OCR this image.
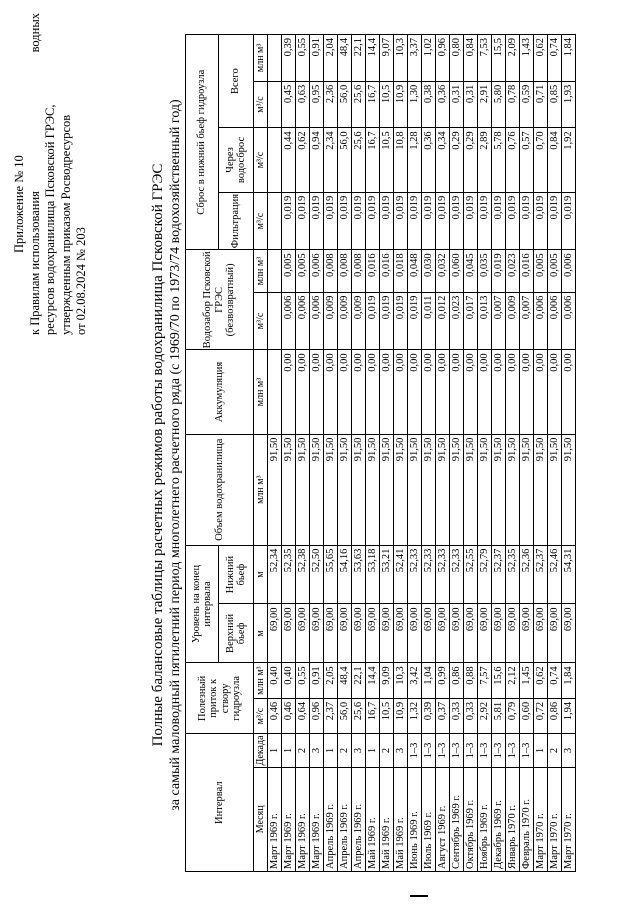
Приложение № 10 к Правилам использования
водных
ресурсов водохранилища Псковской ГРЭС, утвержденным приказом Росводресурсов от 02.08.2024 № 203	Полные балансовые таблицы расчетных режимов работы водохранилища Псковской ГРЭС за самый маловодный пятилетний период многолетнего расчетного ряда (с 1969/70 по 1973/74 водохозяйственный год)	Интервал		Полезный приток к створу гидроузла		Уровень на конец интервала		Объем водохранилища	Аккумуляция	Водозабор Псковской ГРЭС (безвозвратный)		Сброс в нижний бьеф гидроузла			
										Фильтрация	Через водосброс	Всего	
				Верхний бьеф	Нижний бьеф								
Месяц	Декада	м³/с	млн м³	м	м	млн м³	млн м³	м³/с	млн м³	м³/с	м³/с	м³/с	млн м³
Март 1969 г.	1	0,46	0,40	69,00	52,34	91,50							
Март 1969 г.	1	0,46	0,40	69,00	52,35	91,50	0,00	0,006	0,005	0,019	0,44	0,45	0,39
Март 1969 г.	2	0,64	0,55	69,00	52,38	91,50	0,00	0,006	0,005	0,019	0,62	0,63	0,55
Март 1969 г.	3	0,96	0,91	69,00	52,50	91,50	0,00	0,006	0,006	0,019	0,94	0,95	0,91
Апрель 1969 г.	1	2,37	2,05	69,00	55,65	91,50	0,00	0,009	0,008	0,019	2,34	2,36	2,04
Апрель 1969 г.	2	56,0	48,4	69,00	54,16	91,50	0,00	0,009	0,008	0,019	56,0	56,0	48,4
Апрель 1969 г.	3	25,6	22,1	69,00	53,63	91,50	0,00	0,009	0,008	0,019	25,6	25,6	22,1
Май 1969 г.	1	16,7	14,4	69,00	53,18	91,50	0,00	0,019	0,016	0,019	16,7	16,7	14,4
Май 1969 г.	2	10,5	9,09	69,00	53,21	91,50	0,00	0,019	0,016	0,019	10,5	10,5	9,07
Май 1969 г.	3	10,9	10,3	69,00	52,41	91,50	0,00	0,019	0,018	0,019	10,8	10,9	10,3
Июнь 1969 г.	1–3	1,32	3,42	69,00	52,33	91,50	0,00	0,019	0,048	0,019	1,28	1,30	3,37
Июль 1969 г.	1–3	0,39	1,04	69,00	52,33	91,50	0,00	0,011	0,030	0,019	0,36	0,38	1,02
Август 1969 г.	1–3	0,37	0,99	69,00	52,33	91,50	0,00	0,012	0,032	0,019	0,34	0,36	0,96
Сентябрь 1969 г.	1–3	0,33	0,86	69,00	52,33	91,50	0,00	0,023	0,060	0,019	0,29	0,31	0,80
Октябрь 1969 г.	1–3	0,33	0,88	69,00	52,55	91,50	0,00	0,017	0,045	0,019	0,29	0,31	0,84
Ноябрь 1969 г.	1–3	2,92	7,57	69,00	52,79	91,50	0,00	0,013	0,035	0,019	2,89	2,91	7,53
Декабрь 1969 г.	1–3	5,81	15,6	69,00	52,37	91,50	0,00	0,007	0,019	0,019	5,78	5,80	15,5
Январь 1970 г.	1–3	0,79	2,12	69,00	52,35	91,50	0,00	0,009	0,023	0,019	0,76	0,78	2,09
Февраль 1970 г.	1–3	0,60	1,45	69,00	52,36	91,50	0,00	0,007	0,016	0,019	0,57	0,59	1,43
Март 1970 г.	1	0,72	0,62	69,00	52,37	91,50	0,00	0,006	0,005	0,019	0,70	0,71	0,62
Март 1970 г.	2	0,86	0,74	69,00	52,46	91,50	0,00	0,006	0,005	0,019	0,84	0,85	0,74
Март 1970 г.	3	1,94	1,84	69,00	54,31	91,50	0,00	0,006	0,006	0,019	1,92	1,93	1,84
